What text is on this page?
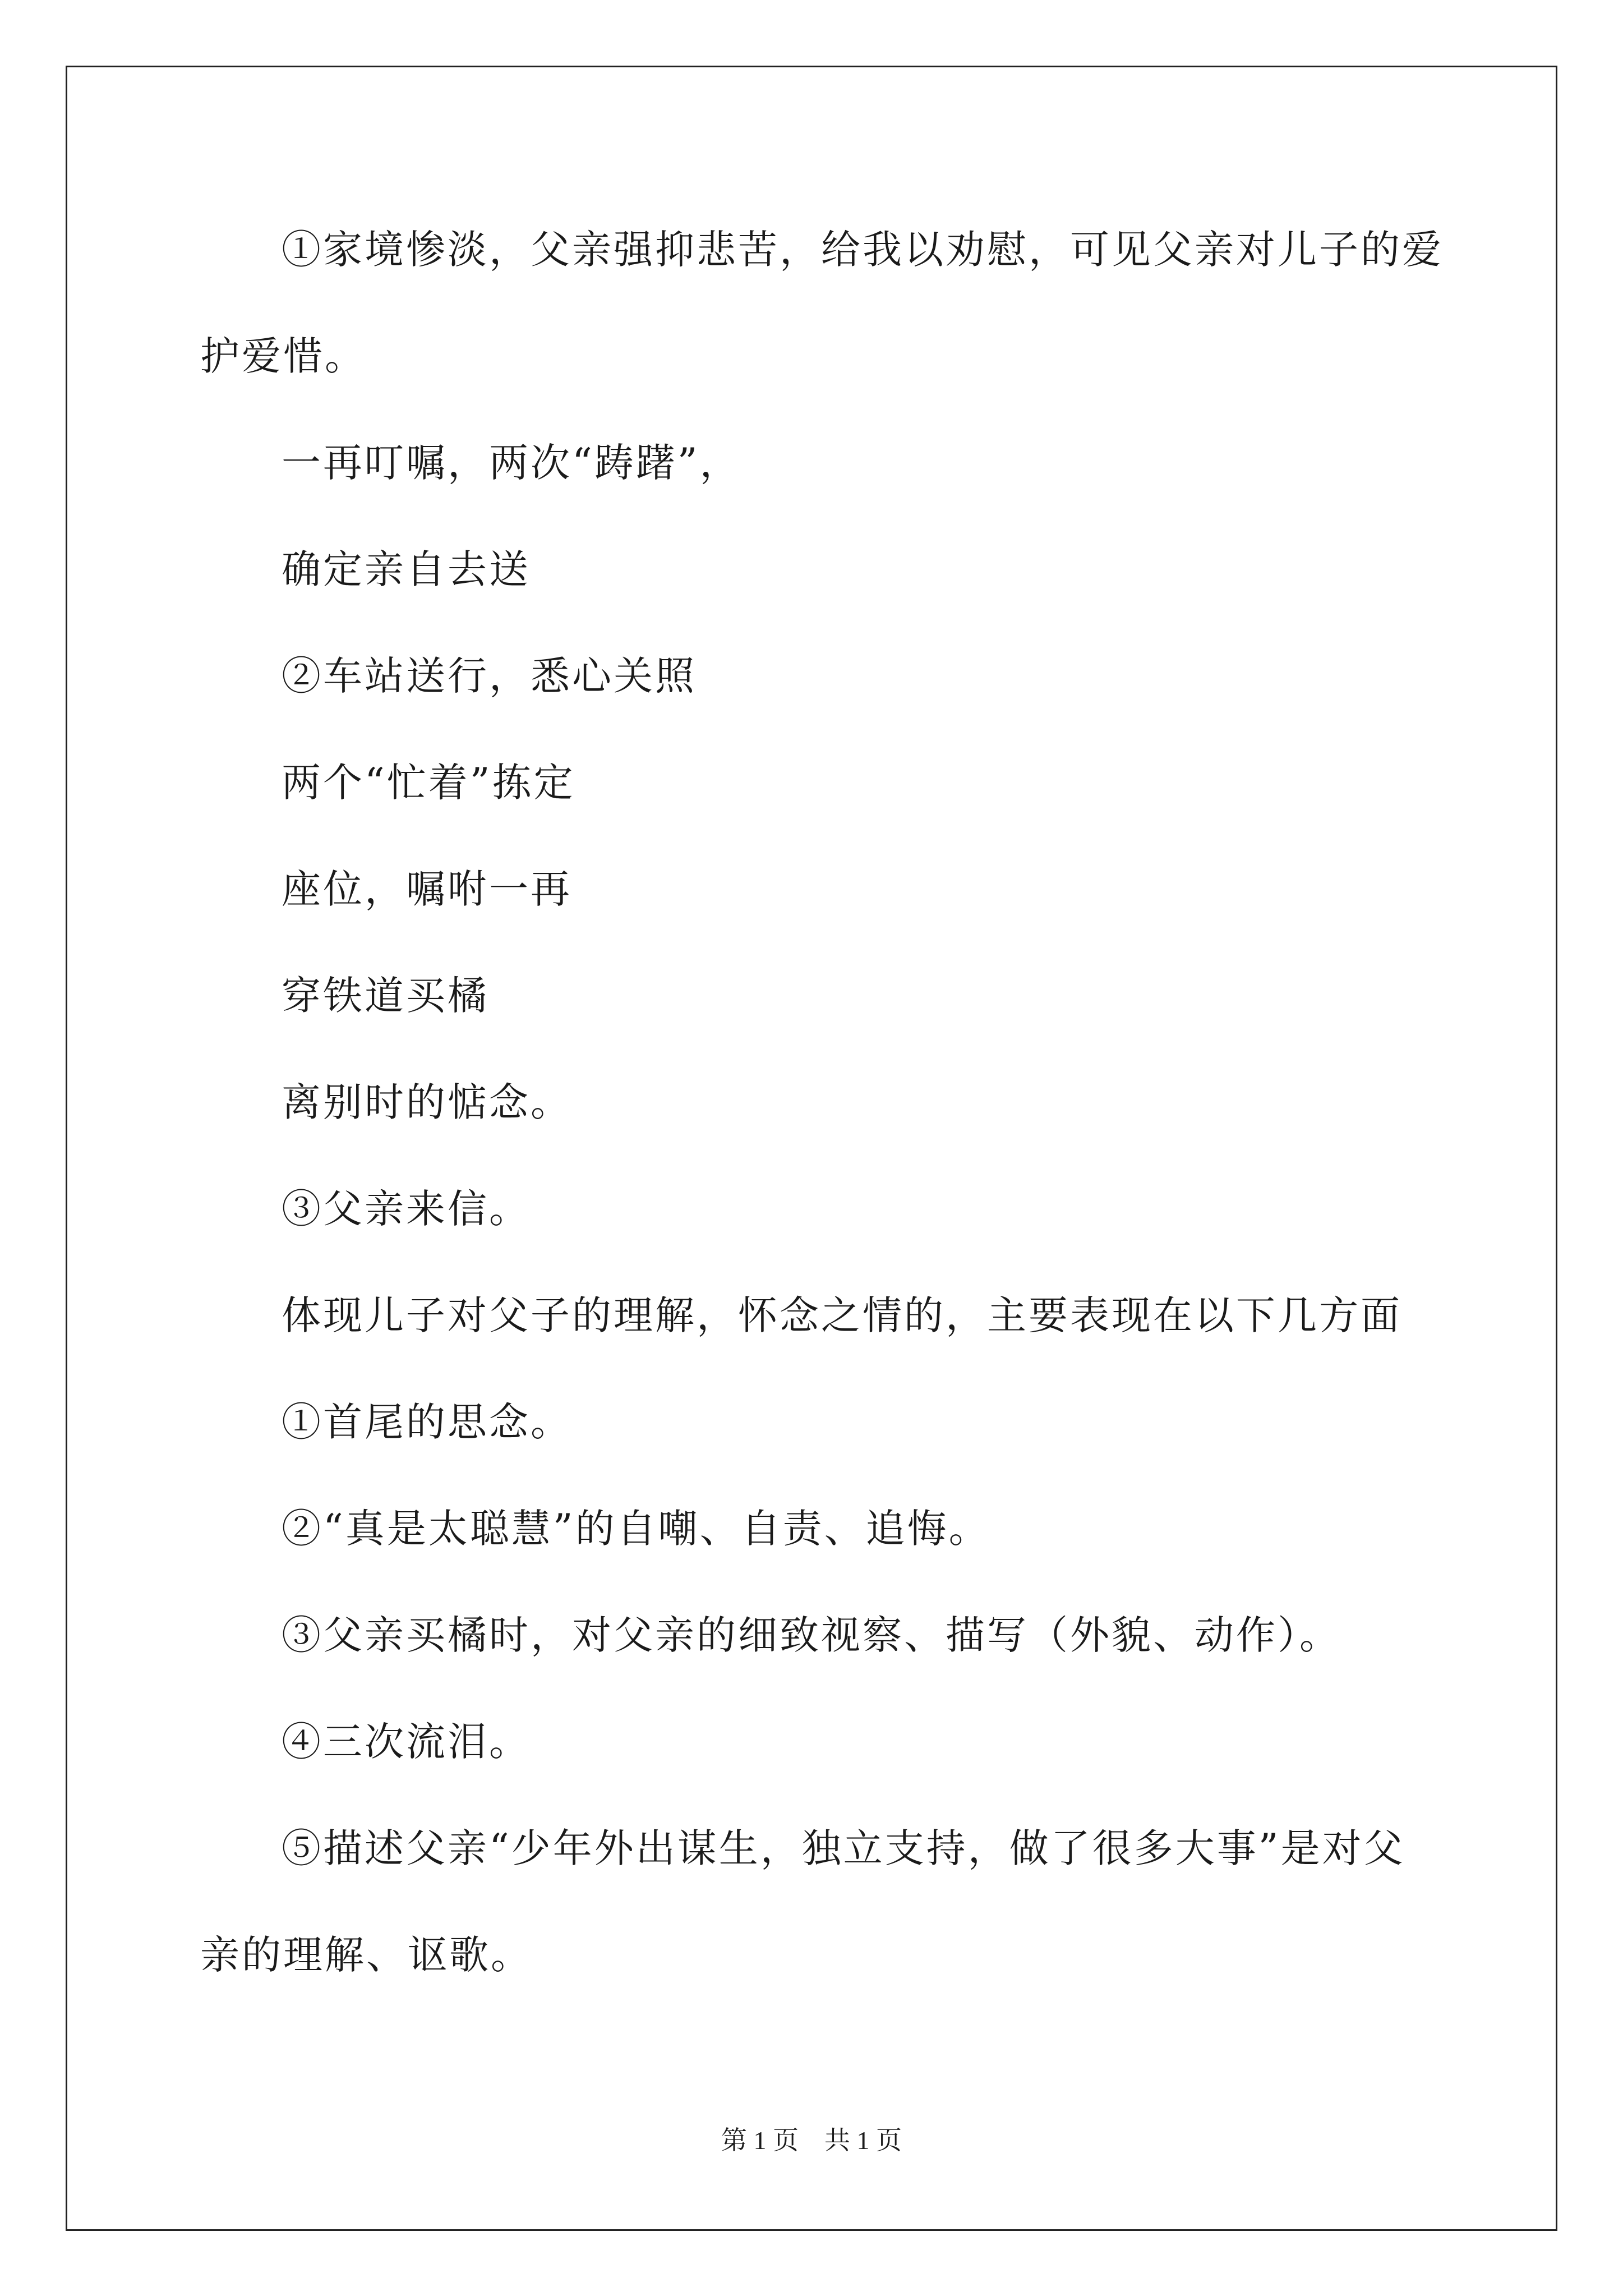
①家境惨淡，父亲强抑悲苦，给我以劝慰，可见父亲对儿子的爱
护爱惜。
一再叮嘱，两次“踌躇”，
确定亲自去送
②车站送行，悉心关照
两个“忙着”拣定
座位，嘱咐一再
穿铁道买橘
离别时的惦念。
③父亲来信。
体现儿子对父子的理解，怀念之情的，主要表现在以下几方面
①首尾的思念。
②“真是太聪慧”的自嘲、自责、追悔。
③父亲买橘时，对父亲的细致视察、描写（外貌、动作）。
④三次流泪。
⑤描述父亲“少年外出谋生，独立支持，做了很多大事”是对父
亲的理解、讴歌。
第 1 页　共 1 页
